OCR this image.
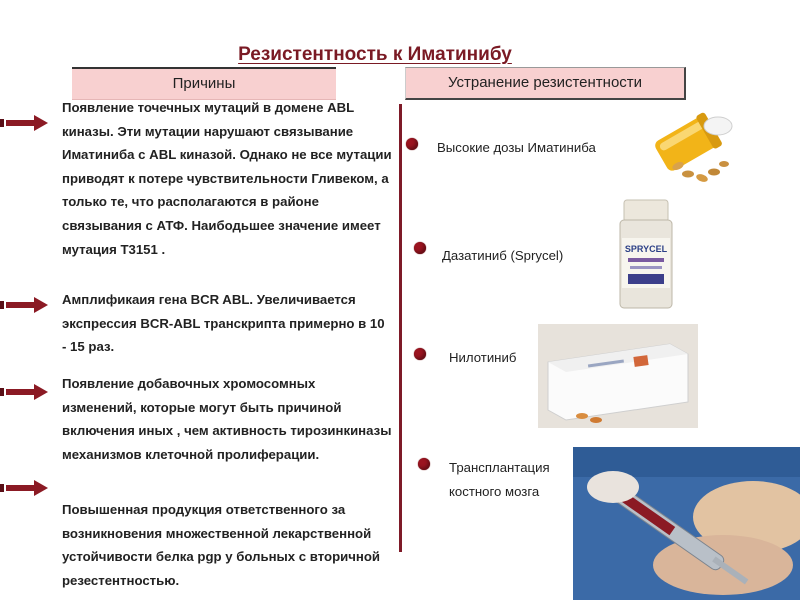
Резистентность к Иматинибу
Причины	Устранение резистентности
Появление точечных мутаций в домене ABL киназы. Эти мутации нарушают связывание Иматиниба с ABL киназой. Однако не все мутации приводят к потере чувствительности Гливеком, а только те, что располагаются в районе связывания с АТФ. Наибодьшее значение имеет мутация T3151 .
Амплификаия гена BCR ABL. Увеличивается экспрессия BCR-ABL транскрипта примерно в 10 - 15 раз.
Появление добавочных хромосомных изменений, которые могут быть причиной включения иных , чем активность тирозинкиназы механизмов клеточной пролиферации.
Повышенная продукция ответственного за возникновения множественной лекарственной устойчивости белка pgp у больных с вторичной резестентностью.
Высокие дозы Иматиниба
Дазатиниб (Sprycel)
Нилотиниб
Трансплантация костного мозга
SPRYCEL
